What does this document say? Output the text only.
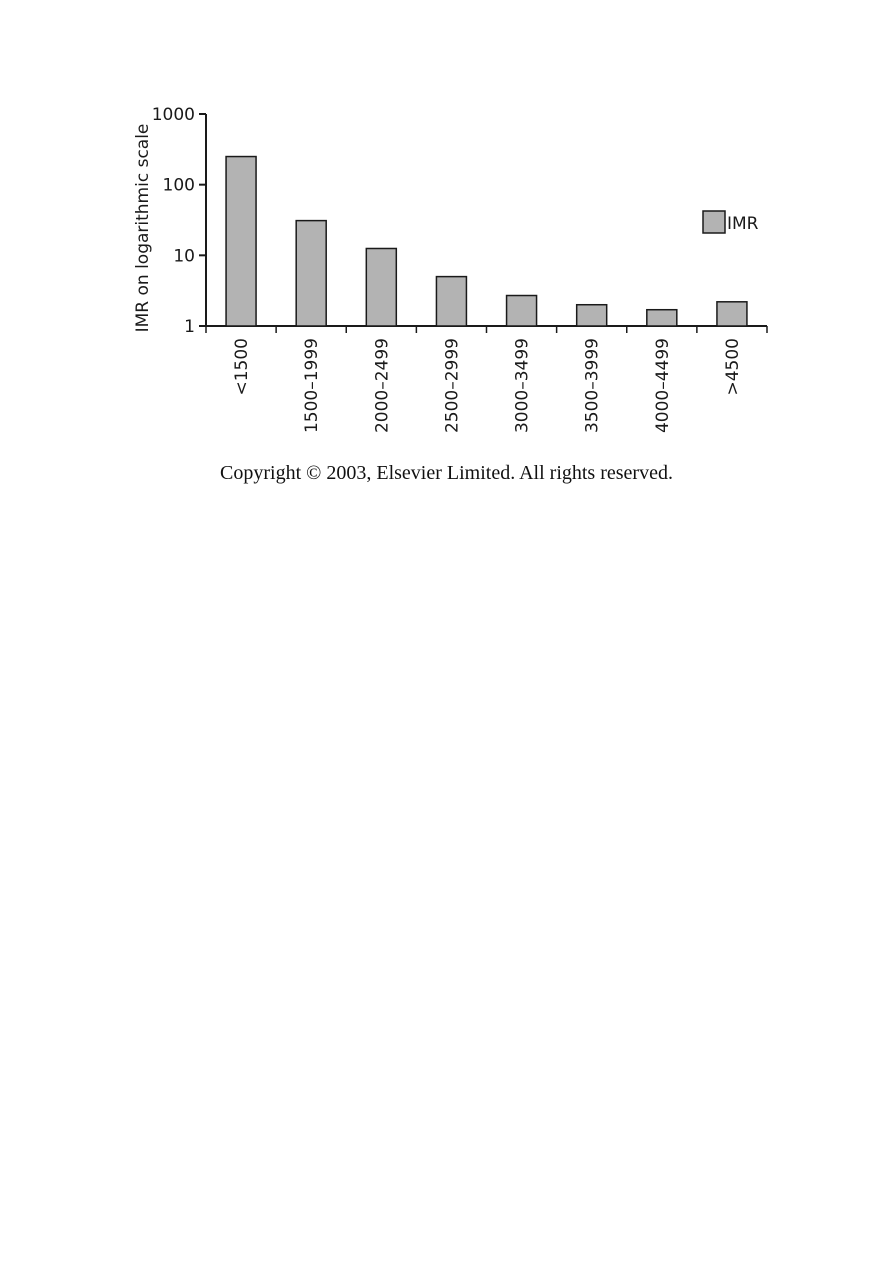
1
10
100
1000
<1500	1500–1999	2000–2499	2500–2999	3000–3499	3500–3999	4000–4499	>4500
IMR on logarithmic scale	IMR
Copyright © 2003, Elsevier Limited. All rights reserved.
